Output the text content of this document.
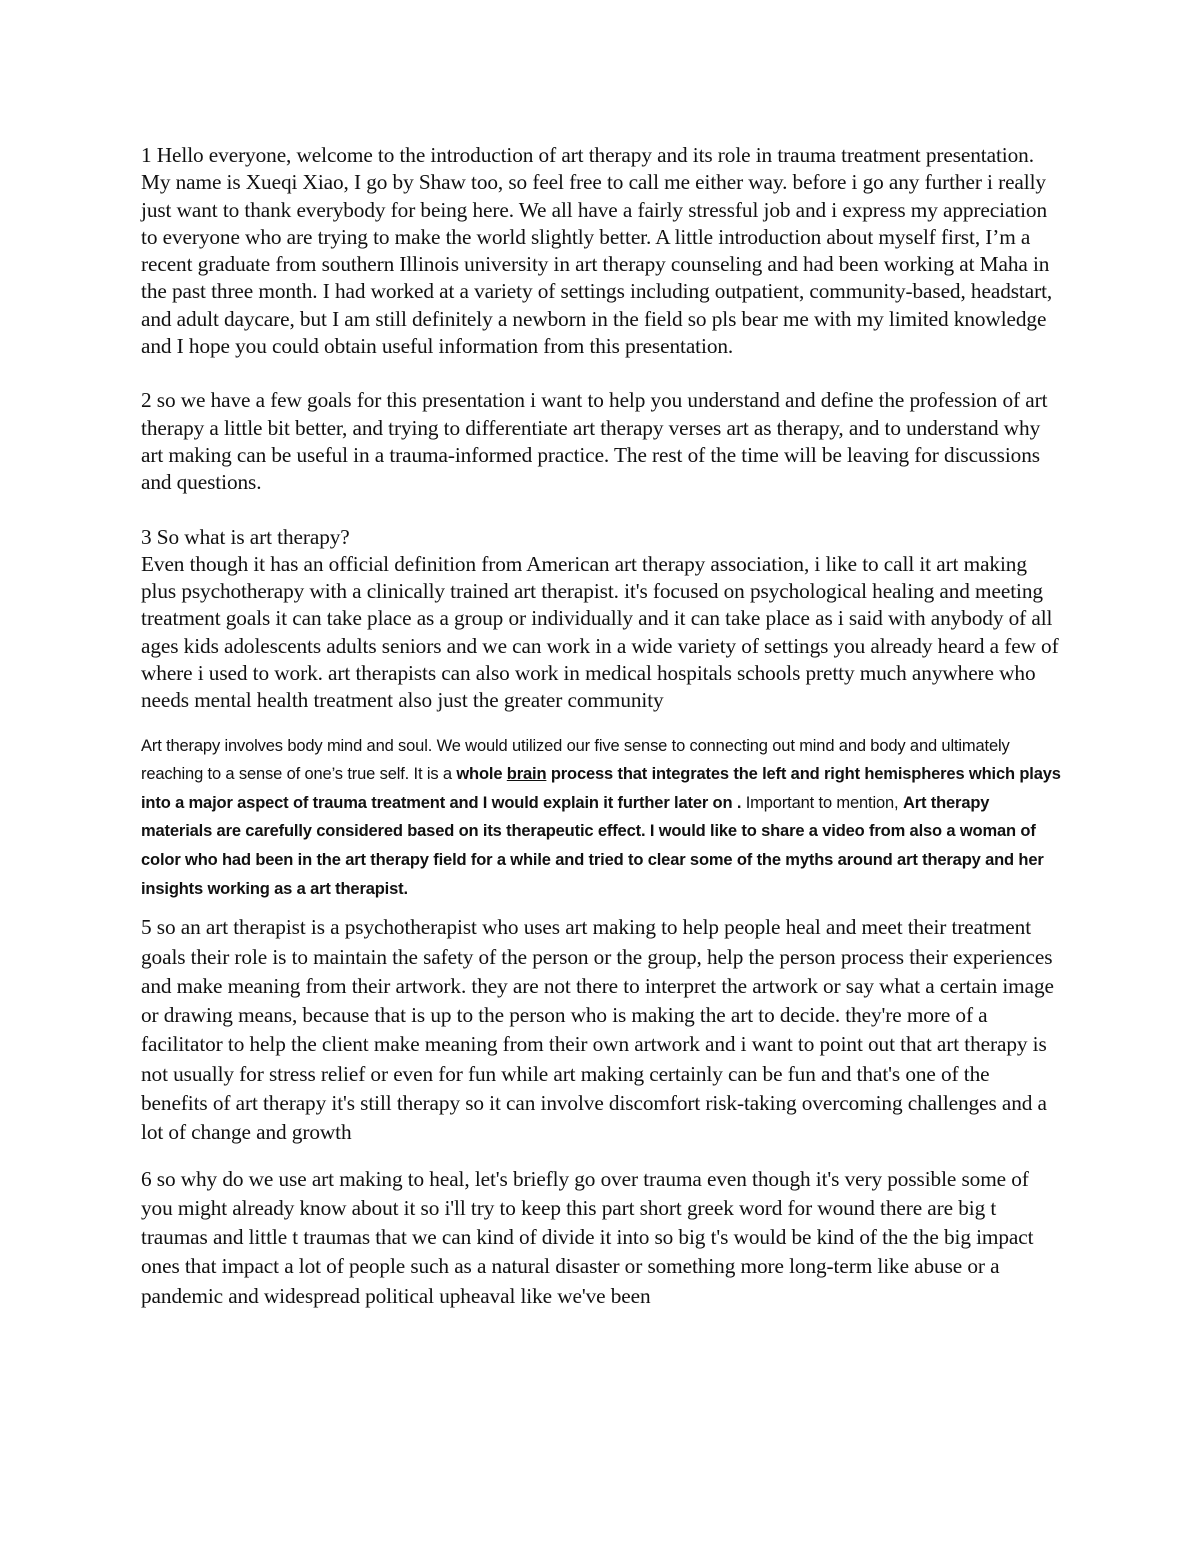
1 Hello everyone, welcome to the introduction of art therapy and its role in trauma treatment presentation. My name is Xueqi Xiao, I go by Shaw too, so feel free to call me either way. before i go any further i really just want to thank everybody for being here. We all have a fairly stressful job and i express my appreciation to everyone who are trying to make the world slightly better. A little introduction about myself first, I’m a recent graduate from southern Illinois university in art therapy counseling and had been working at Maha in the past three month. I had worked at a variety of settings including outpatient, community-based, headstart, and adult daycare, but I am still definitely a newborn in the field so pls bear me with my limited knowledge and I hope you could obtain useful information from this presentation.

2 so we have a few goals for this presentation i want to help you understand and define the profession of art therapy a little bit better, and trying to differentiate art therapy verses art as therapy, and to understand why art making can be useful in a trauma-informed practice. The rest of the time will be leaving for discussions and questions.

3 So what is art therapy?

Even though it has an official definition from American art therapy association, i like to call it art making plus psychotherapy with a clinically trained art therapist. it's focused on psychological healing and meeting treatment goals it can take place as a group or individually and it can take place as i said with anybody of all ages kids adolescents adults seniors and we can work in a wide variety of settings you already heard a few of where i used to work. art therapists can also work in medical hospitals schools pretty much anywhere who needs mental health treatment also just the greater community

Art therapy involves body mind and soul. We would utilized our five sense to connecting out mind and body and ultimately reaching to a sense of one’s true self. It is a whole brain process that integrates the left and right hemispheres which plays into a major aspect of trauma treatment and I would explain it further later on . Important to mention, Art therapy materials are carefully considered based on its therapeutic effect. I would like to share a video from also a woman of color who had been in the art therapy field for a while and tried to clear some of the myths around art therapy and her insights working as a art therapist.

5 so an art therapist is a psychotherapist who uses art making to help people heal and meet their treatment goals their role is to maintain the safety of the person or the group, help the person process their experiences and make meaning from their artwork. they are not there to interpret the artwork or say what a certain image or drawing means, because that is up to the person who is making the art to decide. they're more of a facilitator to help the client make meaning from their own artwork and i want to point out that art therapy is not usually for stress relief or even for fun while art making certainly can be fun and that's one of the benefits of art therapy it's still therapy so it can involve discomfort risk-taking overcoming challenges and a lot of change and growth

6 so why do we use art making to heal, let's briefly go over trauma even though it's very possible some of you might already know about it so i'll try to keep this part short greek word for wound there are big t traumas and little t traumas that we can kind of divide it into so big t's would be kind of the the big impact ones that impact a lot of people such as a natural disaster or something more long-term like abuse or a pandemic and widespread political upheaval like we've been
